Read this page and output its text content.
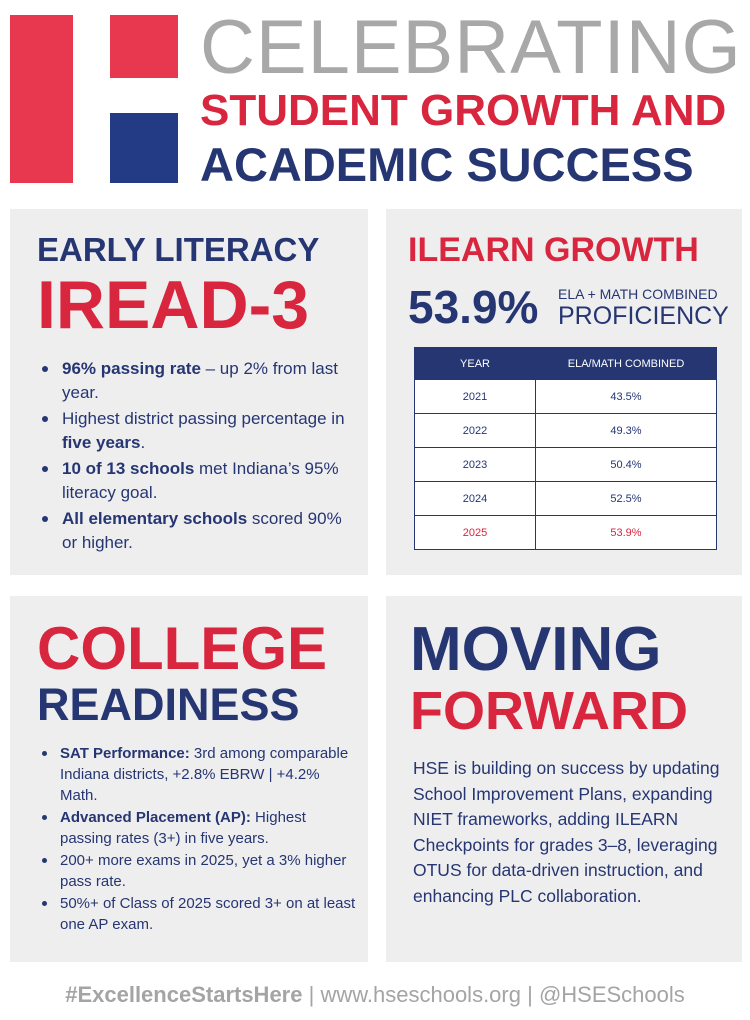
CELEBRATING
STUDENT GROWTH AND
ACADEMIC SUCCESS
EARLY LITERACY
IREAD-3
96% passing rate – up 2% from last year.
Highest district passing percentage in five years.
10 of 13 schools met Indiana’s 95% literacy goal.
All elementary schools scored 90% or higher.
ILEARN GROWTH
53.9% ELA + MATH COMBINED
PROFICIENCY
YEAR	ELA/MATH COMBINED
2021	43.5%
2022	49.3%
2023	50.4%
2024	52.5%
2025	53.9%
COLLEGE
READINESS
SAT Performance: 3rd among comparable Indiana districts, +2.8% EBRW | +4.2% Math.
Advanced Placement (AP): Highest passing rates (3+) in five years.
200+ more exams in 2025, yet a 3% higher pass rate.
50%+ of Class of 2025 scored 3+ on at least one AP exam.
MOVING
FORWARD
HSE is building on success by updating School Improvement Plans, expanding NIET frameworks, adding ILEARN Checkpoints for grades 3–8, leveraging OTUS for data-driven instruction, and enhancing PLC collaboration.
#ExcellenceStartsHere | www.hseschools.org | @HSESchools
